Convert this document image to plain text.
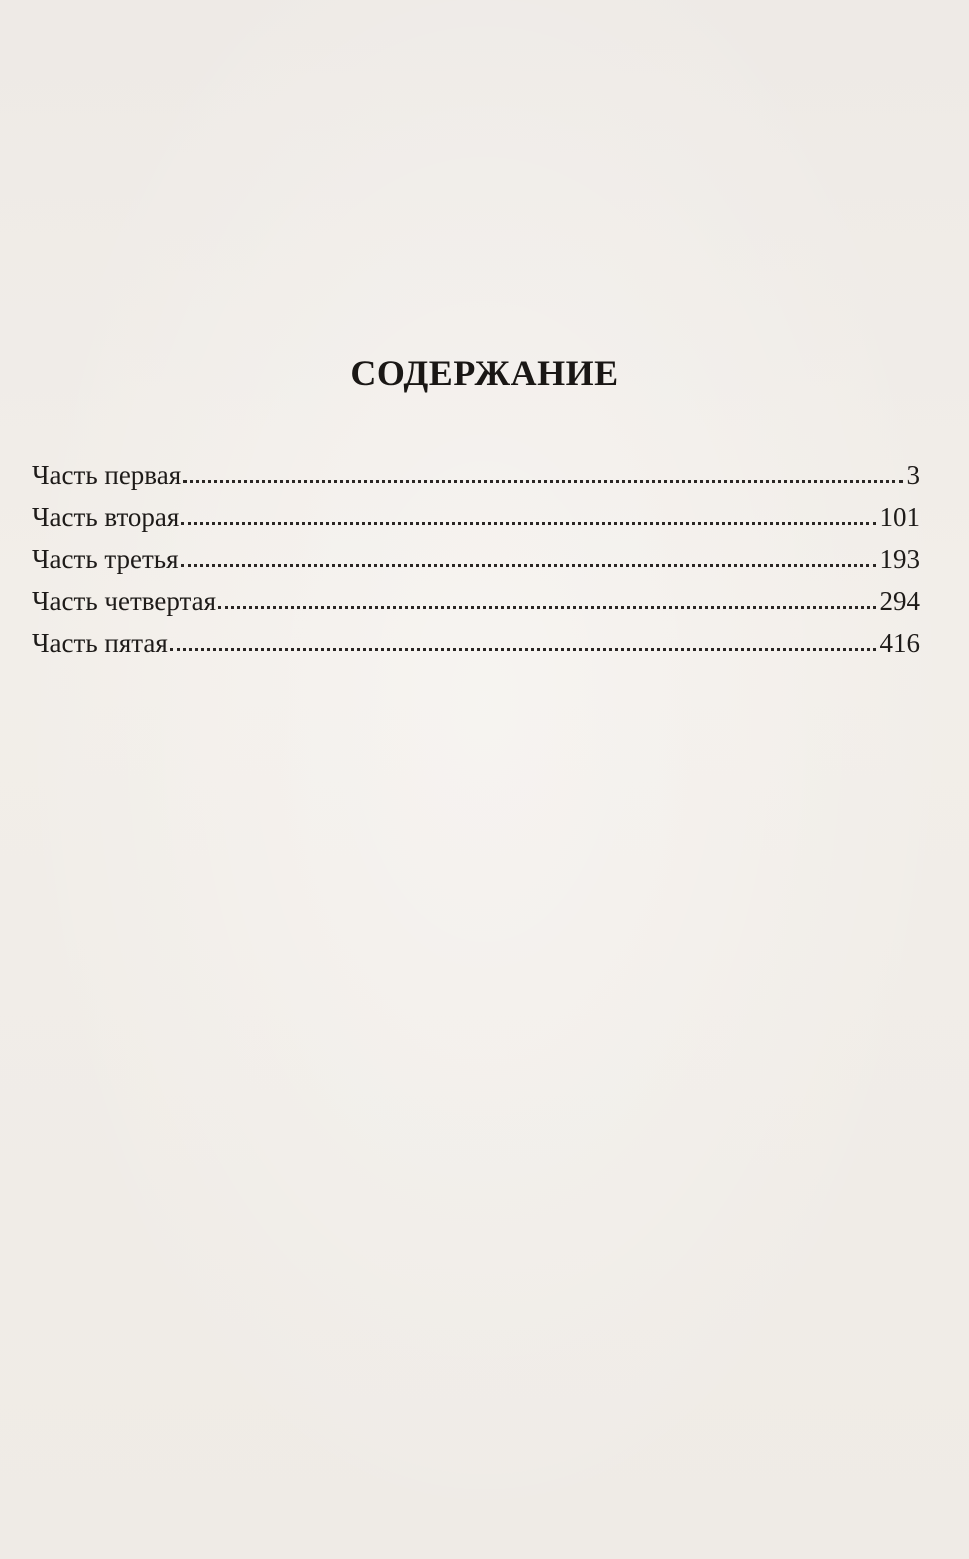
СОДЕРЖАНИЕ
Часть первая	3
Часть вторая	101
Часть третья	193
Часть четвертая	294
Часть пятая	416
